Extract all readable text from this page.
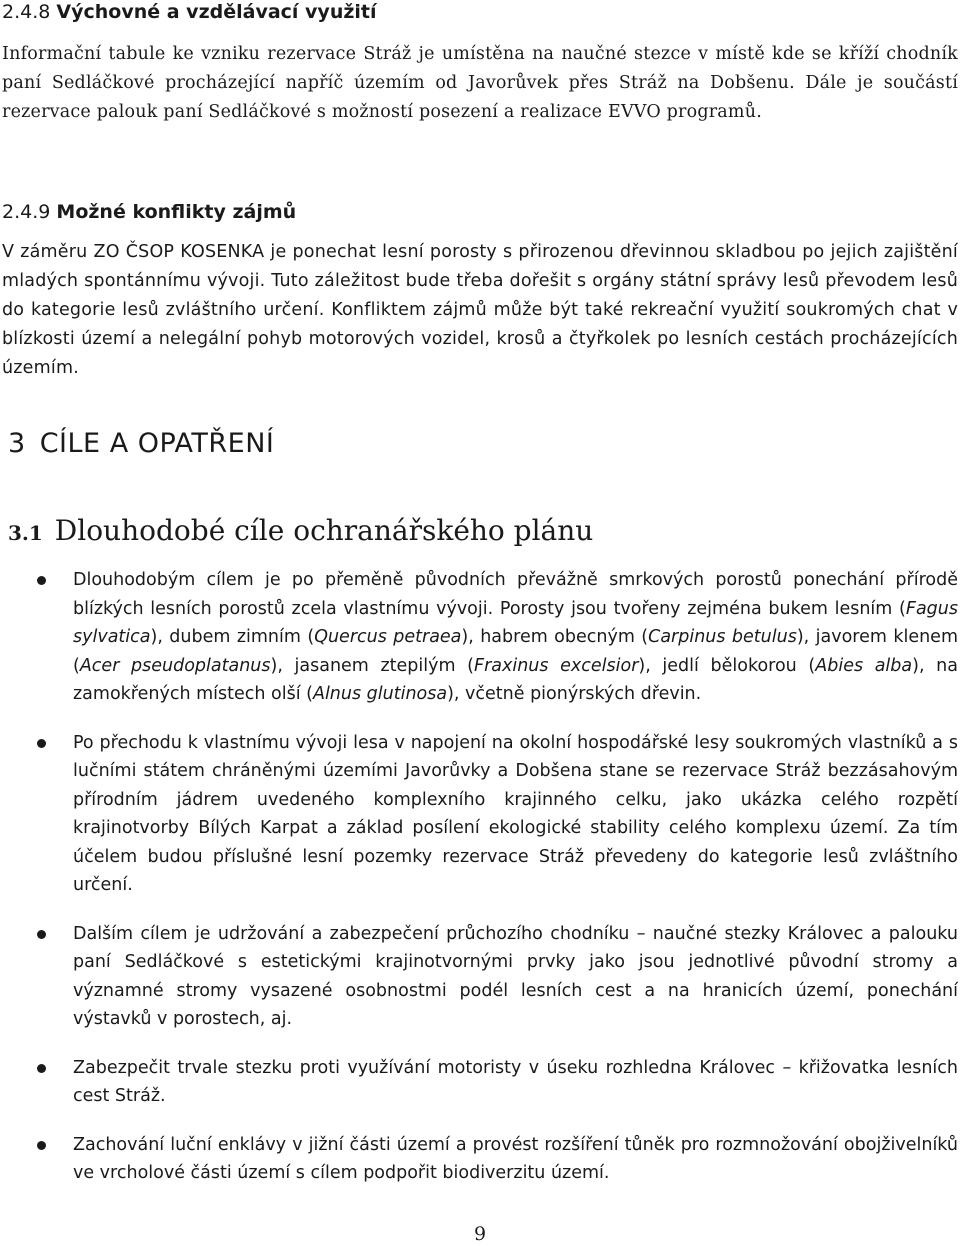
2.4.8 Výchovné a vzdělávací využití
Informační tabule ke vzniku rezervace Stráž je umístěna na naučné stezce v místě kde se kříží chodník paní Sedláčkové procházející napříč územím od Javorůvek přes Stráž na Dobšenu. Dále je součástí rezervace palouk paní Sedláčkové s možností posezení a realizace EVVO programů.
2.4.9 Možné konflikty zájmů
V záměru ZO ČSOP KOSENKA je ponechat lesní porosty s přirozenou dřevinnou skladbou po jejich zajištění mladých spontánnímu vývoji. Tuto záležitost bude třeba dořešit s orgány státní správy lesů převodem lesů do kategorie lesů zvláštního určení. Konfliktem zájmů může být také rekreační využití soukromých chat v blízkosti území a nelegální pohyb motorových vozidel, krosů a čtyřkolek po lesních cestách procházejících územím.
3 CÍLE A OPATŘENÍ
3.1 Dlouhodobé cíle ochranářského plánu
Dlouhodobým cílem je po přeměně původních převážně smrkových porostů ponechání přírodě blízkých lesních porostů zcela vlastnímu vývoji. Porosty jsou tvořeny zejména bukem lesním (Fagus sylvatica), dubem zimním (Quercus petraea), habrem obecným (Carpinus betulus), javorem klenem (Acer pseudoplatanus), jasanem ztepilým (Fraxinus excelsior), jedlí bělokorou (Abies alba), na zamokřených místech olší (Alnus glutinosa), včetně pionýrských dřevin.
Po přechodu k vlastnímu vývoji lesa v napojení na okolní hospodářské lesy soukromých vlastníků a s lučními státem chráněnými územími Javorůvky a Dobšena stane se rezervace Stráž bezzásahovým přírodním jádrem uvedeného komplexního krajinného celku, jako ukázka celého rozpětí krajinotvorby Bílých Karpat a základ posílení ekologické stability celého komplexu území. Za tím účelem budou příslušné lesní pozemky rezervace Stráž převedeny do kategorie lesů zvláštního určení.
Dalším cílem je udržování a zabezpečení průchozího chodníku – naučné stezky Královec a palouku paní Sedláčkové s estetickými krajinotvornými prvky jako jsou jednotlivé původní stromy a významné stromy vysazené osobnostmi podél lesních cest a na hranicích území, ponechání výstavků v porostech, aj.
Zabezpečit trvale stezku proti využívání motoristy v úseku rozhledna Královec – křižovatka lesních cest Stráž.
Zachování luční enklávy v jižní části území a provést rozšíření tůněk pro rozmnožování obojživelníků ve vrcholové části území s cílem podpořit biodiverzitu území.
9
